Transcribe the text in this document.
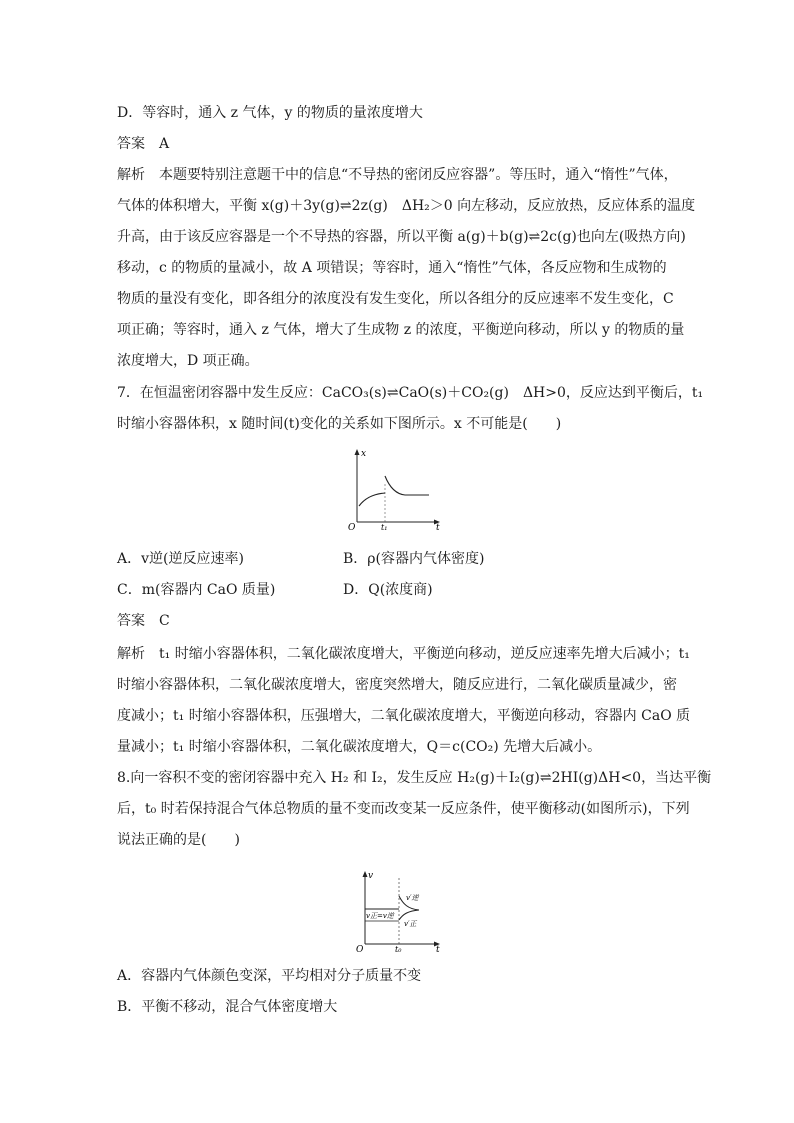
D．等容时，通入 z 气体，y 的物质的量浓度增大
答案　 A
解析　 本题要特别注意题干中的信息“不导热的密闭反应容器”。等压时，通入“惰性”气体，
气体的体积增大，平衡 x(g)＋3y(g)⇌2z(g)　ΔH₂＞0 向左移动，反应放热，反应体系的温度
升高，由于该反应容器是一个不导热的容器，所以平衡 a(g)＋b(g)⇌2c(g)也向左(吸热方向)
移动，c 的物质的量减小，故 A 项错误；等容时，通入“惰性”气体，各反应物和生成物的
物质的量没有变化，即各组分的浓度没有发生变化，所以各组分的反应速率不发生变化，C
项正确；等容时，通入 z 气体，增大了生成物 z 的浓度，平衡逆向移动，所以 y 的物质的量
浓度增大，D 项正确。
7．在恒温密闭容器中发生反应：CaCO₃(s)⇌CaO(s)＋CO₂(g)　ΔH>0，反应达到平衡后，t₁
时缩小容器体积，x 随时间(t)变化的关系如下图所示。x 不可能是(　　)
x
t
O	t₁
A．v逆(逆反应速率)	B．ρ(容器内气体密度)
C．m(容器内 CaO 质量)	D．Q(浓度商)
答案　 C
解析　 t₁ 时缩小容器体积，二氧化碳浓度增大，平衡逆向移动，逆反应速率先增大后减小；t₁
时缩小容器体积，二氧化碳浓度增大，密度突然增大，随反应进行，二氧化碳质量减少，密
度减小；t₁ 时缩小容器体积，压强增大，二氧化碳浓度增大，平衡逆向移动，容器内 CaO 质
量减小；t₁ 时缩小容器体积，二氧化碳浓度增大，Q＝c(CO₂) 先增大后减小。
8.向一容积不变的密闭容器中充入 H₂ 和 I₂，发生反应 H₂(g)＋I₂(g)⇌2HI(g)ΔH<0，当达平衡
后，t₀ 时若保持混合气体总物质的量不变而改变某一反应条件，使平衡移动(如图所示)，下列
说法正确的是(　　)
v
t
O	t₀
v正=v逆
v′逆
v′正
A．容器内气体颜色变深，平均相对分子质量不变
B．平衡不移动，混合气体密度增大
